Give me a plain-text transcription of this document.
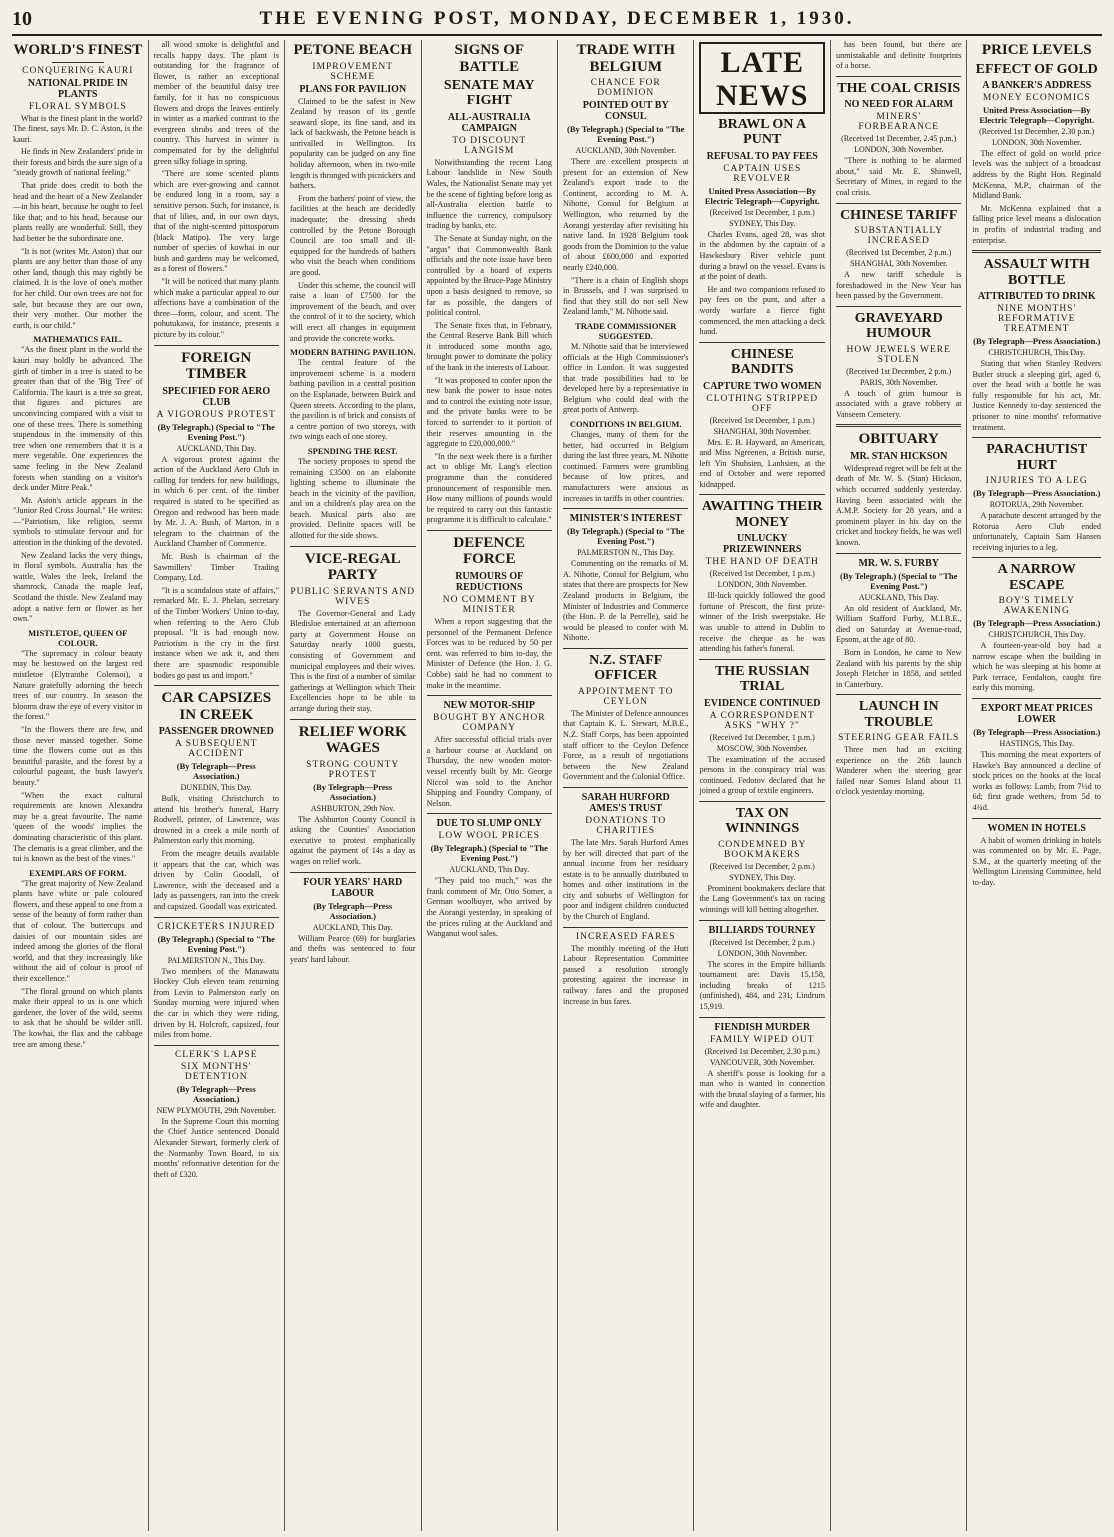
10	THE EVENING POST, MONDAY, DECEMBER 1, 1930.
WORLD'S FINEST
CONQUERING KAURI
NATIONAL PRIDE IN PLANTS
FLORAL SYMBOLS

What is the finest plant in the world? The finest, says Mr. D. C. Aston, is the kauri.

He finds in New Zealanders' pride in their forests and birds the sure sign of a "steady growth of national feeling."

That pride does credit to both the head and the heart of a New Zealander—in his heart, because he ought to feel like that; and to his head, because our plants really are wonderful. Still, they had better be the subordinate one.

"It is not (writes Mr. Aston) that our plants are any better than those of any other land, though this may rightly be claimed. It is the love of one's mother for her child. Our own trees are not for sale, but because they are our own, their very mother. Our mother the earth, is our child."

MATHEMATICS FAIL.

"As the finest plant in the world the kauri may boldly be advanced. The girth of timber in a tree is stated to be greater than that of the 'Big Tree' of California. The kauri is a tree so great, that figures and pictures are unconvincing compared with a visit to one of these trees. There is something stupendous in the immensity of this tree when one remembers that it is a mere vegetable. One experiences the same feeling in the New Zealand forests when standing on a visitor's deck under Mitre Peak."

Mr. Aston's article appears in the "Junior Red Cross Journal." He writes:—"Patriotism, like religion, seems symbols to stimulate fervour and for attention in the thinking of the devoted.

New Zealand lacks the very things, in floral symbols. Australia has the wattle, Wales the leek, Ireland the shamrock, Canada the maple leaf, Scotland the thistle. New Zealand may adopt a native fern or flower as her own."

MISTLETOE, QUEEN OF COLOUR.

"The supremacy in colour beauty may be bestowed on the largest red mistletoe (Elytranthe Colensoi), a Nature gratefully adorning the beech trees of our country. In season the blooms draw the eye of every visitor in the forest."

"In the flowers there are few, and those never massed together. Some time the flowers come out as this beautiful parasite, and the forest by a colourful pageant, the bush lawyer's beauty."

"When the exact cultural requirements are known Alexandra may be a great favourite. The name 'queen of the woods' implies the dominating characteristic of this plant. The clematis is a great climber, and the tui is known as the best of the vines."

EXEMPLARS OF FORM.

"The great majority of New Zealand plants have white or pale coloured flowers, and these appeal to one from a sense of the beauty of form rather than that of colour. The buttercups and daisies of our mountain sides are indeed among the glories of the floral world, and that they increasingly like without the aid of colour is proof of their excellence."

"The floral ground on which plants make their appeal to us is one which gardener, the lover of the wild, seems to ask that he should be wilder still. The kowhai, the flax and the cabbage tree are among these."

all wood smoke is delightful and recalls happy days. The plant is outstanding for the fragrance of flower, is rather an exceptional member of the beautiful daisy tree family, for it has no conspicuous flowers and drops the leaves entirely in winter as a marked contrast to the evergreen shrubs and trees of the country. This harvest in winter is compensated for by the delightful green silky foliage in spring.

"There are some scented plants which are ever-growing and cannot be endured long in a room, say a sensitive person. Such, for instance, is that of lilies, and, in our own days, that of the night-scented pittosporum (black Matipo). The very large number of species of kowhai in our bush and gardens may be welcomed, as a forest of flowers."

"It will be noticed that many plants which make a particular appeal to our affections have a combination of the three—form, colour, and scent. The pohutukawa, for instance, presents a picture by its colour."

FOREIGN TIMBER
SPECIFIED FOR AERO CLUB
A VIGOROUS PROTEST
(By Telegraph.) (Special to "The Evening Post.")
AUCKLAND, This Day.

A vigorous protest against the action of the Auckland Aero Club in calling for tenders for new buildings, in which 6 per cent. of the timber required is stated to be specified as Oregon and redwood has been made by Mr. J. A. Bush, of Marton, in a telegram to the chairman of the Auckland Chamber of Commerce.

Mr. Bush is chairman of the Sawmillers' Timber Trading Company, Ltd.

"It is a scandalous state of affairs," remarked Mr. E. J. Phelan, secretary of the Timber Workers' Union to-day, when referring to the Aero Club proposal. "It is bad enough now. Patriotism is the cry in the first instance when we ask it, and then there are spasmodic responsible bodies go past us and import."

CAR CAPSIZES IN CREEK
PASSENGER DROWNED
A SUBSEQUENT ACCIDENT
(By Telegraph—Press Association.)
DUNEDIN, This Day.

Bulk, visiting Christchurch to attend his brother's funeral, Harry Rodwell, printer, of Lawrence, was drowned in a creek a mile north of Palmerston early this morning.

From the meagre details available it appears that the car, which was driven by Colin Goodall, of Lawrence, with the deceased and a lady as passengers, ran into the creek and capsized. Goodall was extricated.

CRICKETERS INJURED
(By Telegraph.) (Special to "The Evening Post.")
PALMERSTON N., This Day.

Two members of the Manawatu Hockey Club eleven team returning from Levin to Palmerston early on Sunday morning were injured when the car in which they were riding, driven by H. Holcroft, capsized, four miles from home.

CLERK'S LAPSE
SIX MONTHS' DETENTION
(By Telegraph—Press Association.)
NEW PLYMOUTH, 29th November.

In the Supreme Court this morning the Chief Justice sentenced Donald Alexander Stewart, formerly clerk of the Normanby Town Board, to six months' reformative detention for the theft of £320.

PETONE BEACH
IMPROVEMENT SCHEME
PLANS FOR PAVILION

Claimed to be the safest in New Zealand by reason of its gentle seaward slope, its fine sand, and its lack of backwash, the Petone beach is unrivalled in Wellington. Its popularity can be judged on any fine holiday afternoon, when its two-mile length is thronged with picnickers and bathers.

From the bathers' point of view, the facilities at the beach are decidedly inadequate; the dressing sheds controlled by the Petone Borough Council are too small and ill-equipped for the hundreds of bathers who visit the beach when conditions are good.

Under this scheme, the council will raise a loan of £7500 for the improvement of the beach, and over the control of it to the society, which will erect all changes in equipment and provide the concrete works.

MODERN BATHING PAVILION.

The central feature of the improvement scheme is a modern bathing pavilion in a central position on the Esplanade, between Buick and Queen streets. According to the plans, the pavilion is of brick and consists of a centre portion of two storeys, with two wings each of one storey.

SPENDING THE REST.

The society proposes to spend the remaining £3500 on an elaborate lighting scheme to illuminate the beach in the vicinity of the pavilion, and on a children's play area on the beach. Musical parts also are provided. Definite spaces will be allotted for the side shows.

VICE-REGAL PARTY
PUBLIC SERVANTS AND WIVES

The Governor-General and Lady Bledisloe entertained at an afternoon party at Government House on Saturday nearly 1000 guests, consisting of Government and municipal employees and their wives. This is the first of a number of similar gatherings at Wellington which Their Excellencies hope to be able to arrange during their stay.

RELIEF WORK WAGES
STRONG COUNTY PROTEST
(By Telegraph—Press Association.)
ASHBURTON, 29th Nov.

The Ashburton County Council is asking the Counties' Association executive to protest emphatically against the payment of 14s a day as wages on relief work.

FOUR YEARS' HARD LABOUR
(By Telegraph—Press Association.)
AUCKLAND, This Day.

William Pearce (69) for burglaries and thefts was sentenced to four years' hard labour.

SIGNS OF BATTLE
SENATE MAY FIGHT
ALL-AUSTRALIA CAMPAIGN
TO DISCOUNT LANGISM

Notwithstanding the recent Lang Labour landslide in New South Wales, the Nationalist Senate may yet be the scene of fighting before long as all-Australia election battle to influence the currency, compulsory trading by banks, etc.

The Senate at Sunday night, on the "argus" that Commonwealth Bank officials and the note issue have been controlled by a board of experts appointed by the Bruce-Page Ministry upon a basis designed to remove, so far as possible, the dangers of political control.

The Senate fixes that, in February, the Central Reserve Bank Bill which it introduced some months ago, brought power to dominate the policy of the bank in the interests of Labour.

"It was proposed to confer upon the new bank the power to issue notes and to control the existing note issue, and the private banks were to be forced to surrender to it portion of their reserves amounting in the aggregate to £20,000,000."

"In the next week there is a further act to oblige Mr. Lang's election programme than the considered pronouncement of responsible men. How many millions of pounds would be required to carry out this fantastic programme it is difficult to calculate."

DEFENCE FORCE
RUMOURS OF REDUCTIONS
NO COMMENT BY MINISTER

When a report suggesting that the personnel of the Permanent Defence Forces was to be reduced by 50 per cent. was referred to him to-day, the Minister of Defence (the Hon. J. G. Cobbe) said he had no comment to make in the meantime.

NEW MOTOR-SHIP
BOUGHT BY ANCHOR COMPANY

After successful official trials over a harbour course at Auckland on Thursday, the new wooden motor-vessel recently built by Mr. George Niccol was sold to the Anchor Shipping and Foundry Company, of Nelson.

DUE TO SLUMP ONLY
LOW WOOL PRICES
(By Telegraph.) (Special to "The Evening Post.")
AUCKLAND, This Day.

"They paid too much," was the frank comment of Mr. Otto Somer, a German woolbuyer, who arrived by the Aorangi yesterday, in speaking of the prices ruling at the Auckland and Wanganui wool sales.

TRADE WITH BELGIUM
CHANCE FOR DOMINION
POINTED OUT BY CONSUL
(By Telegraph.) (Special to "The Evening Post.")
AUCKLAND, 30th November.

There are excellent prospects at present for an extension of New Zealand's export trade to the Continent, according to M. A. Nihotte, Consul for Belgium at Wellington, who returned by the Aorangi yesterday after revisiting his native land. In 1928 Belgium took goods from the Dominion to the value of about £600,000 and exported nearly £240,000.

"There is a chain of English shops in Brussels, and I was surprised to find that they still do not sell New Zealand lamb," M. Nihotte said.

TRADE COMMISSIONER SUGGESTED.

M. Nihotte said that he interviewed officials at the High Commissioner's office in London. It was suggested that trade possibilities had to be developed here by a representative in Belgium who could deal with the great ports of Antwerp.

CONDITIONS IN BELGIUM.

Changes, many of them for the better, had occurred in Belgium during the last three years, M. Nihotte continued. Farmers were grumbling because of low prices, and manufacturers were anxious as increases in tariffs in other countries.

MINISTER'S INTEREST
(By Telegraph.) (Special to "The Evening Post.")
PALMERSTON N., This Day.

Commenting on the remarks of M. A. Nihotte, Consul for Belgium, who states that there are prospects for New Zealand products in Belgium, the Minister of Industries and Commerce (the Hon. P. de la Perrelle), said he would be pleased to confer with M. Nihotte.

N.Z. STAFF OFFICER
APPOINTMENT TO CEYLON

The Minister of Defence announces that Captain K. L. Stewart, M.B.E., N.Z. Staff Corps, has been appointed staff officer to the Ceylon Defence Force, as a result of negotiations between the New Zealand Government and the Colonial Office.

SARAH HURFORD AMES'S TRUST
DONATIONS TO CHARITIES

The late Mrs. Sarah Hurford Ames by her will directed that part of the annual income from her residuary estate is to be annually distributed to homes and other institutions in the city and suburbs of Wellington for poor and indigent children conducted by the Church of England.

INCREASED FARES

The monthly meeting of the Hutt Labour Representation Committee passed a resolution strongly protesting against the increase in railway fares and the proposed increase in bus fares.

LATE NEWS
BRAWL ON A PUNT
REFUSAL TO PAY FEES
CAPTAIN USES REVOLVER
United Press Association—By Electric Telegraph—Copyright.
(Received 1st December, 1 p.m.)
SYDNEY, This Day.

Charles Evans, aged 28, was shot in the abdomen by the captain of a Hawkesbury River vehicle punt during a brawl on the vessel. Evans is at the point of death.

He and two companions refused to pay fees on the punt, and after a wordy warfare a fierce fight commenced, the men attacking a deck hand.

CHINESE BANDITS
CAPTURE TWO WOMEN
CLOTHING STRIPPED OFF
(Received 1st December, 1 p.m.)
SHANGHAI, 30th November.

Mrs. E. B. Hayward, an American, and Miss Ngreenen, a British nurse, left Yin Shuhsien, Lanhsien, at the end of October and were reported kidnapped.

AWAITING THEIR MONEY
UNLUCKY PRIZEWINNERS
THE HAND OF DEATH
(Received 1st December, 1 p.m.)
LONDON, 30th November.

Ill-luck quickly followed the good fortune of Prescott, the first prize-winner of the Irish sweepstake. He was unable to attend in Dublin to receive the cheque as he was attending his father's funeral.

THE RUSSIAN TRIAL
EVIDENCE CONTINUED
A CORRESPONDENT ASKS "WHY ?"
(Received 1st December, 1 p.m.)
MOSCOW, 30th November.

The examination of the accused persons in the conspiracy trial was continued. Fedotov declared that he joined a group of textile engineers.

TAX ON WINNINGS
CONDEMNED BY BOOKMAKERS
(Received 1st December, 2 p.m.)
SYDNEY, This Day.

Prominent bookmakers declare that the Lang Government's tax on racing winnings will kill betting altogether.

BILLIARDS TOURNEY
(Received 1st December, 2 p.m.)
LONDON, 30th November.

The scores in the Empire billiards tournament are: Davis 15,158, including breaks of 1215 (unfinished), 484, and 231; Lindrum 15,919.

FIENDISH MURDER
FAMILY WIPED OUT
(Received 1st December, 2.30 p.m.)
VANCOUVER, 30th November.

A sheriff's posse is looking for a man who is wanted in connection with the brutal slaying of a farmer, his wife and daughter.

has been found, but there are unmistakable and definite footprints of a horse.

THE COAL CRISIS
NO NEED FOR ALARM
MINERS' FORBEARANCE
(Received 1st December, 2.45 p.m.)
LONDON, 30th November.

"There is nothing to be alarmed about," said Mr. E. Shinwell, Secretary of Mines, in regard to the coal crisis.

CHINESE TARIFF
SUBSTANTIALLY INCREASED
(Received 1st December, 2 p.m.)
SHANGHAI, 30th November.

A new tariff schedule is foreshadowed in the New Year has been passed by the Government.

GRAVEYARD HUMOUR
HOW JEWELS WERE STOLEN
(Received 1st December, 2 p.m.)
PARIS, 30th November.

A touch of grim humour is associated with a grave robbery at Vanseem Cemetery.

OBITUARY
MR. STAN HICKSON

Widespread regret will be felt at the death of Mr. W. S. (Stan) Hickson, which occurred suddenly yesterday. Having been associated with the A.M.P. Society for 28 years, and a prominent player in his day on the cricket and hockey fields, he was well known.

MR. W. S. FURBY
(By Telegraph.) (Special to "The Evening Post.")
AUCKLAND, This Day.

An old resident of Auckland, Mr. William Stafford Furby, M.I.B.E., died on Saturday at Avenue-road, Epsom, at the age of 80.

Born in London, he came to New Zealand with his parents by the ship Joseph Fletcher in 1858, and settled in Canterbury.

LAUNCH IN TROUBLE
STEERING GEAR FAILS

Three men had an exciting experience on the 26ft launch Wanderer when the steering gear failed near Somes Island about 11 o'clock yesterday morning.

PRICE LEVELS
EFFECT OF GOLD
A BANKER'S ADDRESS
MONEY ECONOMICS
United Press Association—By Electric Telegraph—Copyright.
(Received 1st December, 2.30 p.m.)
LONDON, 30th November.

The effect of gold on world price levels was the subject of a broadcast address by the Right Hon. Reginald McKenna, M.P., chairman of the Midland Bank.

Mr. McKenna explained that a falling price level means a dislocation in profits of industrial trading and enterprise.

ASSAULT WITH BOTTLE
ATTRIBUTED TO DRINK
NINE MONTHS' REFORMATIVE TREATMENT
(By Telegraph—Press Association.)
CHRISTCHURCH, This Day.

Stating that when Stanley Redvers Butler struck a sleeping girl, aged 6, over the head with a bottle he was fully responsible for his act, Mr. Justice Kennedy to-day sentenced the prisoner to nine months' reformative treatment.

PARACHUTIST HURT
INJURIES TO A LEG
(By Telegraph—Press Association.)
ROTORUA, 29th November.

A parachute descent arranged by the Rotorua Aero Club ended unfortunately, Captain Sam Hansen receiving injuries to a leg.

A NARROW ESCAPE
BOY'S TIMELY AWAKENING
(By Telegraph—Press Association.)
CHRISTCHURCH, This Day.

A fourteen-year-old boy had a narrow escape when the building in which he was sleeping at his home at Park terrace, Fendalton, caught fire early this morning.

EXPORT MEAT PRICES LOWER
(By Telegraph—Press Association.)
HASTINGS, This Day.

This morning the meat exporters of Hawke's Bay announced a decline of stock prices on the hooks at the local works as follows: Lamb, from 7½d to 6d; first grade wethers, from 5d to 4¾d.

WOMEN IN HOTELS

A habit of women drinking in hotels was commented on by Mr. E. Page, S.M., at the quarterly meeting of the Wellington Licensing Committee, held to-day.
